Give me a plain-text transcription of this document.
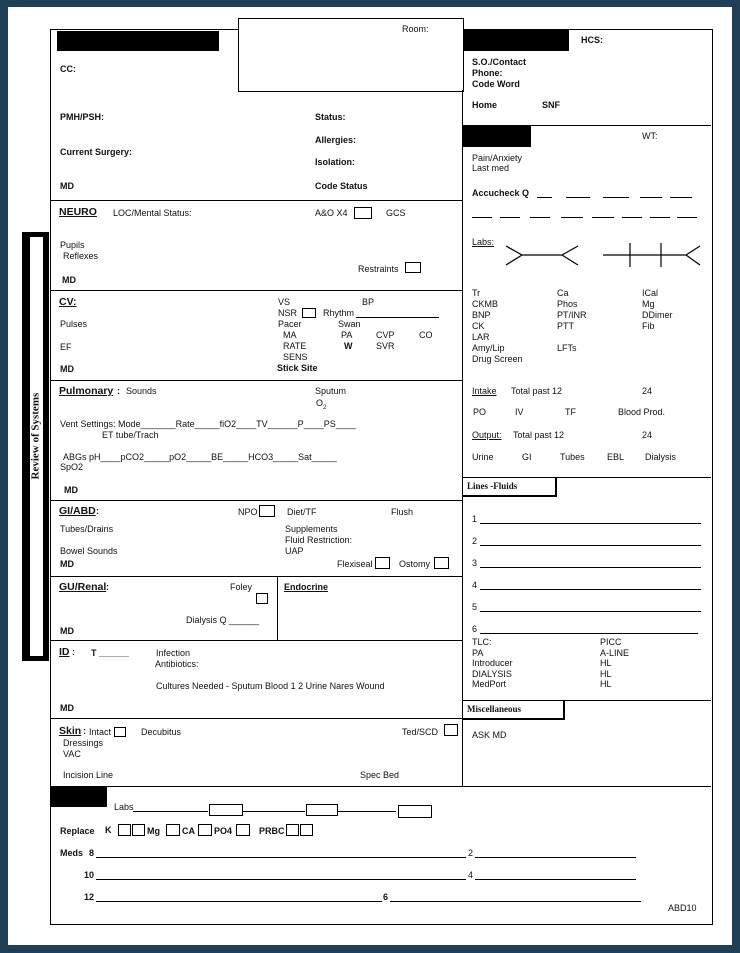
Review of Systems
Room:
CC:
HCS:
S.O./Contact
Phone:
Code Word
Home	SNF
PMH/PSH:	Status:
Allergies:
Current Surgery:
Isolation:
MD	Code Status
WT:
Pain/Anxiety
Last med
Accucheck Q
Labs:
Tr	Ca	ICal
CKMB	Phos	Mg
BNP	PT/INR	DDimer
CK	PTT	Fib
LAR
Amy/Lip	LFTs
Drug Screen
Intake Total past 12	24
PO	IV	TF	Blood Prod.
Output: Total past 12	24
Urine	GI	Tubes EBL Dialysis
Lines -Fluids
1
2
3
4
5
6
TLC:	PICC
PA	A-LINE
Introducer	HL
DIALYSIS	HL
MedPort	HL
Miscellaneous
ASK MD
NEURO LOC/Mental Status:	A&O X4	GCS
Pupils
Reflexes
Restraints
MD
CV:	VS	BP
NSR	Rhythm
Pulses	Pacer	Swan
MA	PA	CVP	CO
EF	RATE	W	SVR
SENS
MD	Stick Site
Pulmonary : Sounds	Sputum
$O_2$
Vent Settings: Mode_______Rate_____fiO2____TV______P____PS____
ET tube/Trach
ABGs pH____pCO2_____pO2_____BE_____HCO3_____Sat_____
SpO2
MD
GI/ABD :	NPO	Diet/TF	Flush
Tubes/Drains	Supplements
Fluid Restriction:
UAP
Bowel Sounds
MD	Flexiseal	Ostomy
GU/Renal :	Foley
Dialysis Q ______
MD
Endocrine
ID : T ______	Infection
Antibiotics:
Cultures Needed - Sputum Blood 1 2 Urine Nares Wound
MD
Skin : Intact	Decubitus	Ted/SCD
Dressings
VAC
Incision Line	Spec Bed
Labs
Replace K	Mg CA PO4	PRBC
Meds 8	2
10	4
12	6
ABD10
